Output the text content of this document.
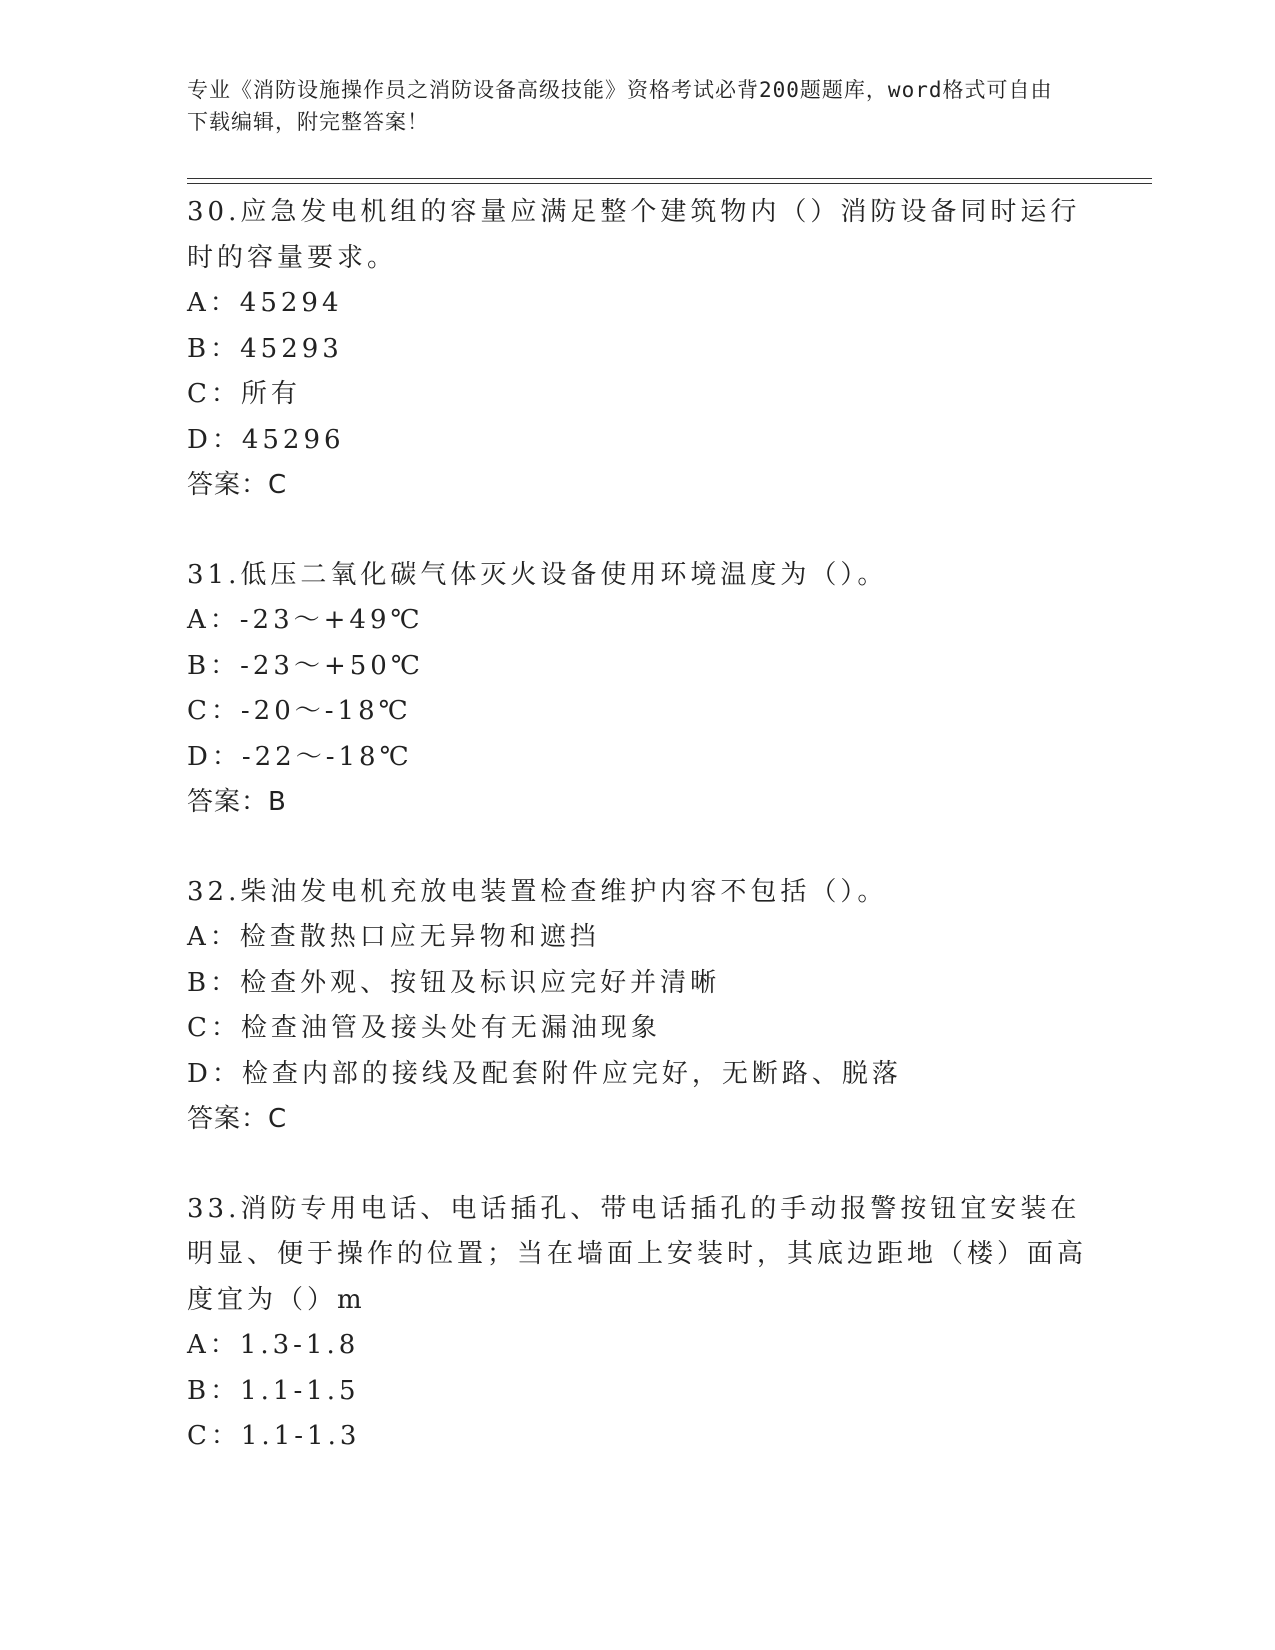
专业《消防设施操作员之消防设备高级技能》资格考试必背200题题库，word格式可自由下载编辑，附完整答案！

30.应急发电机组的容量应满足整个建筑物内（）消防设备同时运行时的容量要求。

A：45294

B：45293

C：所有

D：45296

答案：C

31.低压二氧化碳气体灭火设备使用环境温度为（）。

A：-23～+49℃

B：-23～+50℃

C：-20～-18℃

D：-22～-18℃

答案：B

32.柴油发电机充放电装置检查维护内容不包括（）。

A：检查散热口应无异物和遮挡

B：检查外观、按钮及标识应完好并清晰

C：检查油管及接头处有无漏油现象

D：检查内部的接线及配套附件应完好，无断路、脱落

答案：C

33.消防专用电话、电话插孔、带电话插孔的手动报警按钮宜安装在明显、便于操作的位置；当在墙面上安装时，其底边距地（楼）面高度宜为（）m

A：1.3-1.8

B：1.1-1.5

C：1.1-1.3
